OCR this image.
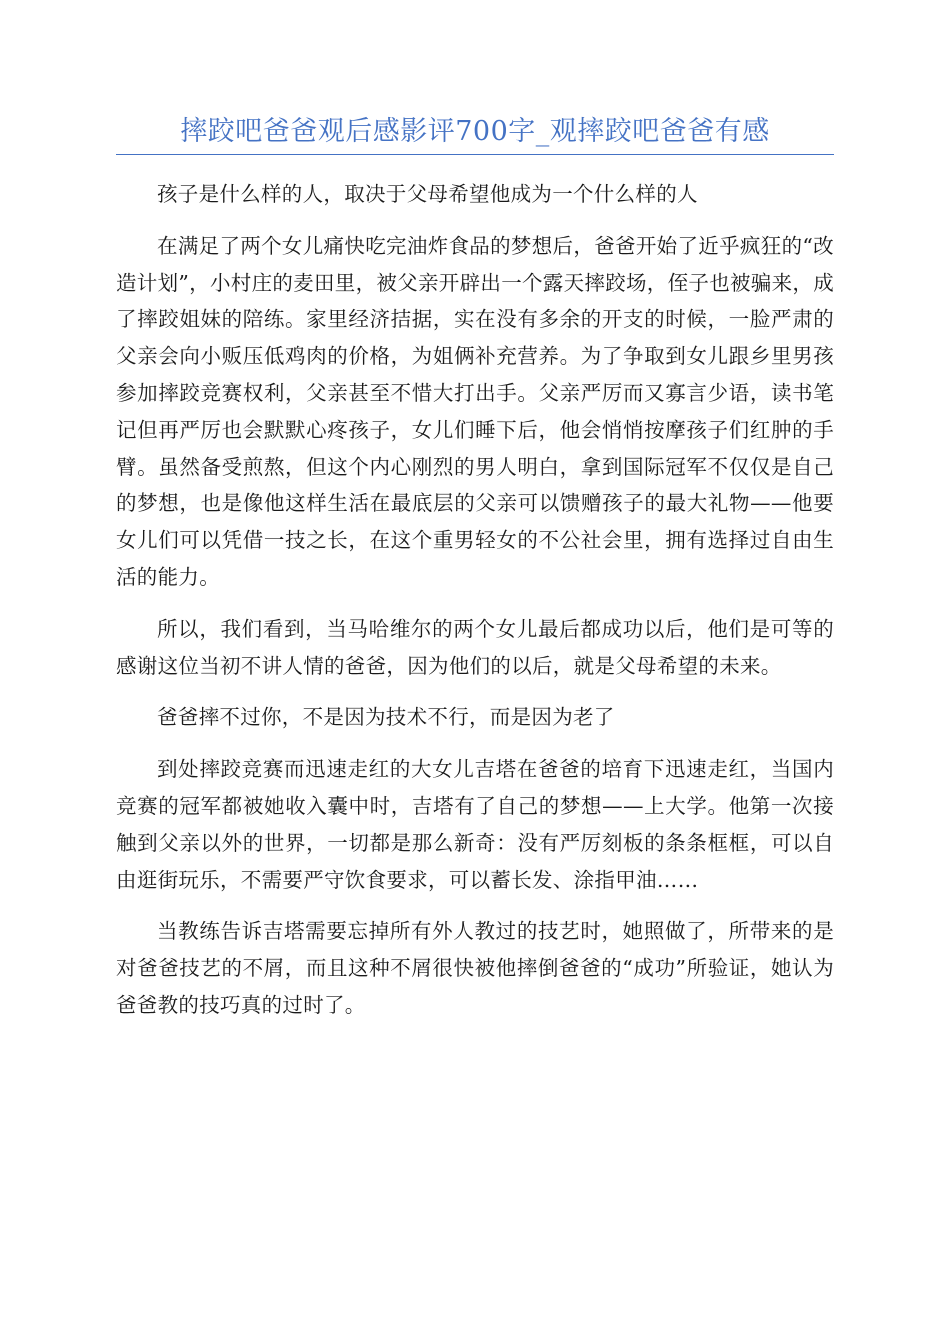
摔跤吧爸爸观后感影评700字_观摔跤吧爸爸有感

孩子是什么样的人，取决于父母希望他成为一个什么样的人

在满足了两个女儿痛快吃完油炸食品的梦想后，爸爸开始了近乎疯狂的“改造计划”，小村庄的麦田里，被父亲开辟出一个露天摔跤场，侄子也被骗来，成了摔跤姐妹的陪练。家里经济拮据，实在没有多余的开支的时候，一脸严肃的父亲会向小贩压低鸡肉的价格，为姐俩补充营养。为了争取到女儿跟乡里男孩参加摔跤竞赛权利，父亲甚至不惜大打出手。父亲严厉而又寡言少语，读书笔记但再严厉也会默默心疼孩子，女儿们睡下后，他会悄悄按摩孩子们红肿的手臂。虽然备受煎熬，但这个内心刚烈的男人明白，拿到国际冠军不仅仅是自己的梦想，也是像他这样生活在最底层的父亲可以馈赠孩子的最大礼物——他要女儿们可以凭借一技之长，在这个重男轻女的不公社会里，拥有选择过自由生活的能力。

所以，我们看到，当马哈维尔的两个女儿最后都成功以后，他们是可等的感谢这位当初不讲人情的爸爸，因为他们的以后，就是父母希望的未来。

爸爸摔不过你，不是因为技术不行，而是因为老了

到处摔跤竞赛而迅速走红的大女儿吉塔在爸爸的培育下迅速走红，当国内竞赛的冠军都被她收入囊中时，吉塔有了自己的梦想——上大学。他第一次接触到父亲以外的世界，一切都是那么新奇：没有严厉刻板的条条框框，可以自由逛街玩乐，不需要严守饮食要求，可以蓄长发、涂指甲油……

当教练告诉吉塔需要忘掉所有外人教过的技艺时，她照做了，所带来的是对爸爸技艺的不屑，而且这种不屑很快被他摔倒爸爸的“成功”所验证，她认为爸爸教的技巧真的过时了。
